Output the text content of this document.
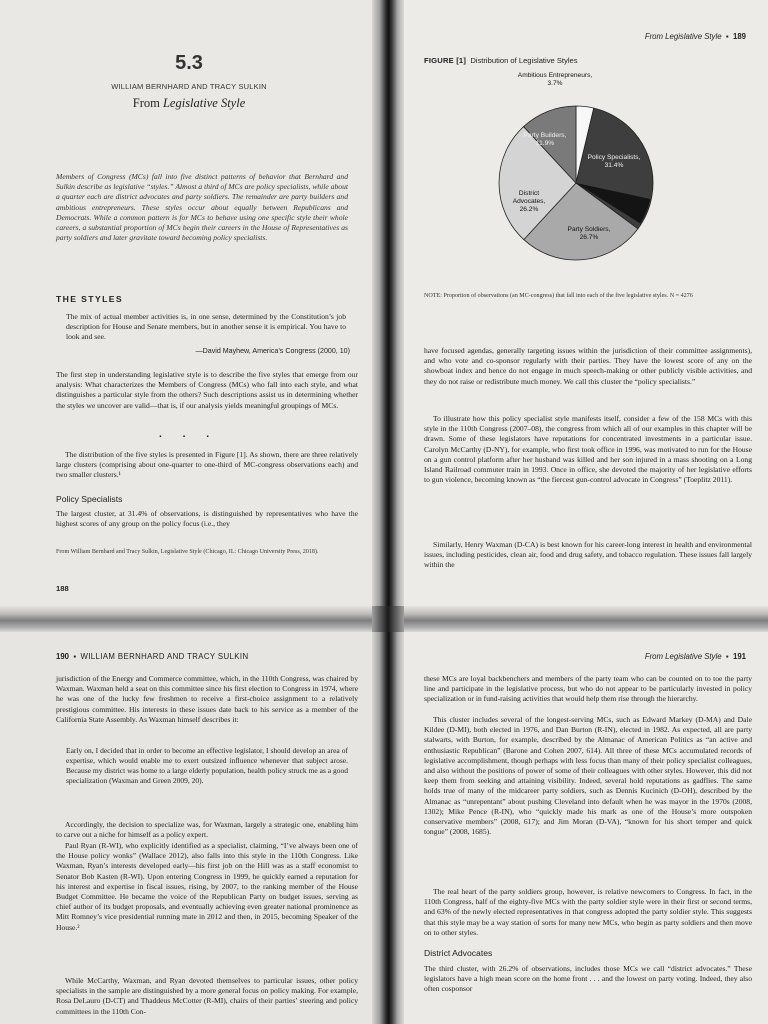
5.3
WILLIAM BERNHARD AND TRACY SULKIN
From Legislative Style

Members of Congress (MCs) fall into five distinct patterns of behavior that Bernhard and Sulkin describe as legislative “styles.” Almost a third of MCs are policy specialists, while about a quarter each are district advocates and party soldiers. The remainder are party builders and ambitious entrepreneurs. These styles occur about equally between Republicans and Democrats. While a common pattern is for MCs to behave using one specific style their whole careers, a substantial proportion of MCs begin their careers in the House of Representatives as party soldiers and later gravitate toward becoming policy specialists.

THE STYLES

The mix of actual member activities is, in one sense, determined by the Constitution’s job description for House and Senate members, but in another sense it is empirical. You have to look and see.

—David Mayhew, America’s Congress (2000, 10)

The first step in understanding legislative style is to describe the five styles that emerge from our analysis: What characterizes the Members of Congress (MCs) who fall into each style, and what distinguishes a particular style from the others? Such descriptions assist us in determining whether the styles we uncover are valid—that is, if our analysis yields meaningful groupings of MCs.

▪ ▪ ▪

The distribution of the five styles is presented in Figure [1]. As shown, there are three relatively large clusters (comprising about one-quarter to one-third of MC-congress observations each) and two smaller clusters.¹

Policy Specialists

The largest cluster, at 31.4% of observations, is distinguished by representatives who have the highest scores of any group on the policy focus (i.e., they

From William Bernhard and Tracy Sulkin, Legislative Style (Chicago, IL: Chicago University Press, 2018).

188
From Legislative Style ▪ 189
FIGURE [1] Distribution of Legislative Styles
Ambitious Entrepreneurs,
3.7%
Policy Specialists,
31.4%
Party Soldiers,
26.7%
District Advocates,
26.2%
Party Builders,
11.9%

NOTE: Proportion of observations (an MC-congress) that fall into each of the five legislative styles. N = 4276

have focused agendas, generally targeting issues within the jurisdiction of their committee assignments), and who vote and co-sponsor regularly with their parties. They have the lowest score of any on the showboat index and hence do not engage in much speech-making or other publicly visible activities, and they do not raise or redistribute much money. We call this cluster the “policy specialists.”

To illustrate how this policy specialist style manifests itself, consider a few of the 158 MCs with this style in the 110th Congress (2007–08), the congress from which all of our examples in this chapter will be drawn. Some of these legislators have reputations for concentrated investments in a particular issue. Carolyn McCarthy (D-NY), for example, who first took office in 1996, was motivated to run for the House on a gun control platform after her husband was killed and her son injured in a mass shooting on a Long Island Railroad commuter train in 1993. Once in office, she devoted the majority of her legislative efforts to gun violence, becoming known as “the fiercest gun-control advocate in Congress” (Toeplitz 2011).

Similarly, Henry Waxman (D-CA) is best known for his career-long interest in health and environmental issues, including pesticides, clean air, food and drug safety, and tobacco regulation. These issues fall largely within the

190 ▪ WILLIAM BERNHARD AND TRACY SULKIN

jurisdiction of the Energy and Commerce committee, which, in the 110th Congress, was chaired by Waxman. Waxman held a seat on this committee since his first election to Congress in 1974, where he was one of the lucky few freshmen to receive a first-choice assignment to a relatively prestigious committee. His interests in these issues date back to his service as a member of the California State Assembly. As Waxman himself describes it:

Early on, I decided that in order to become an effective legislator, I should develop an area of expertise, which would enable me to exert outsized influence whenever that subject arose. Because my district was home to a large elderly population, health policy struck me as a good specialization (Waxman and Green 2009, 20).

Accordingly, the decision to specialize was, for Waxman, largely a strategic one, enabling him to carve out a niche for himself as a policy expert.

Paul Ryan (R-WI), who explicitly identified as a specialist, claiming, “I’ve always been one of the House policy wonks” (Wallace 2012), also falls into this style in the 110th Congress. Like Waxman, Ryan’s interests developed early—his first job on the Hill was as a staff economist to Senator Bob Kasten (R-WI). Upon entering Congress in 1999, he quickly earned a reputation for his interest and expertise in fiscal issues, rising, by 2007, to the ranking member of the House Budget Committee. He became the voice of the Republican Party on budget issues, serving as chief author of its budget proposals, and eventually achieving even greater national prominence as Mitt Romney’s vice presidential running mate in 2012 and then, in 2015, becoming Speaker of the House.²

While McCarthy, Waxman, and Ryan devoted themselves to particular issues, other policy specialists in the sample are distinguished by a more general focus on policy making. For example, Rosa DeLauro (D-CT) and Thaddeus McCotter (R-MI), chairs of their parties’ steering and policy committees in the 110th Con-

From Legislative Style ▪ 191

these MCs are loyal backbenchers and members of the party team who can be counted on to toe the party line and participate in the legislative process, but who do not appear to be particularly invested in policy specialization or in fund-raising activities that would help them rise through the hierarchy.

This cluster includes several of the longest-serving MCs, such as Edward Markey (D-MA) and Dale Kildee (D-MI), both elected in 1976, and Dan Burton (R-IN), elected in 1982. As expected, all are party stalwarts, with Burton, for example, described by the Almanac of American Politics as “an active and enthusiastic Republican” (Barone and Cohen 2007, 614). All three of these MCs accumulated records of legislative accomplishment, though perhaps with less focus than many of their policy specialist colleagues, and also without the positions of power of some of their colleagues with other styles. However, this did not keep them from seeking and attaining visibility. Indeed, several hold reputations as gadflies. The same holds true of many of the midcareer party soldiers, such as Dennis Kucinich (D-OH), described by the Almanac as “unrepentant” about pushing Cleveland into default when he was mayor in the 1970s (2008, 1302); Mike Pence (R-IN), who “quickly made his mark as one of the House’s more outspoken conservative members” (2008, 617); and Jim Moran (D-VA), “known for his short temper and quick tongue” (2008, 1685).

The real heart of the party soldiers group, however, is relative newcomers to Congress. In fact, in the 110th Congress, half of the eighty-five MCs with the party soldier style were in their first or second terms, and 63% of the newly elected representatives in that congress adopted the party soldier style. This suggests that this style may be a way station of sorts for many new MCs, who begin as party soldiers and then move on to other styles.

District Advocates

The third cluster, with 26.2% of observations, includes those MCs we call “district advocates.” These legislators have a high mean score on the home front . . . and the lowest on party voting. Indeed, they also often cosponsor
